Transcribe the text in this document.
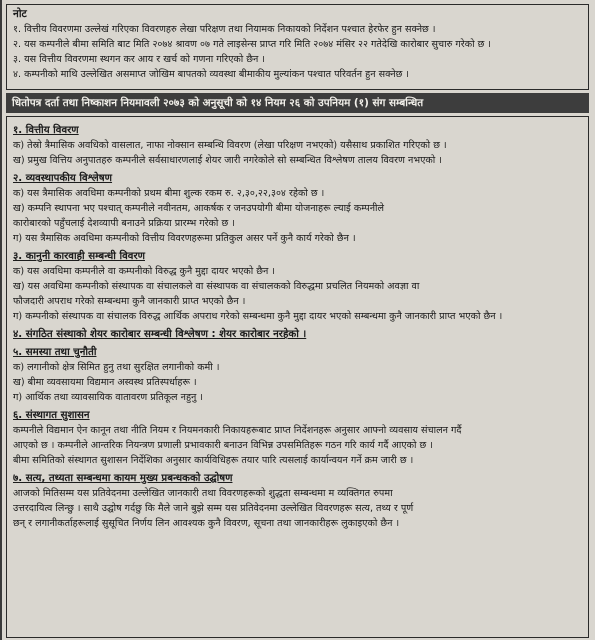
नोट
१. वित्तीय विवरणमा उल्लेखं गरिएका विवरणहरु लेखा परिक्षण तथा नियामक निकायको निर्देशन पश्चात हेरफेर हुन सक्नेछ ।
२. यस कम्पनीले बीमा समिति बाट मिति २०७४ श्रावण ०७ गते लाइसेन्स प्राप्त गरि मिति २०७४ मंसिर २२ गतेदेखि कारोबार सुचारु गरेको छ ।
३. यस वित्तीय विवरणमा स्थगन कर आय र खर्च को गणना गरिएको छैन ।
४. कम्पनीको माथि उल्लेखित असमाप्त जोखिम बापतको व्यवस्था बीमाकीय मुल्यांकन पश्चात परिवर्तन हुन सक्नेछ ।
धितोपत्र दर्ता तथा निष्काशन नियमावली २०७३ को अनुसूची को १४ नियम २६ को उपनियम (१) संग सम्बन्धित
१. वित्तीय विवरण
क) तेस्रो त्रैमासिक अवधिको वासलात, नाफा नोक्सान सम्बन्धि विवरण (लेखा परिक्षण नभएको) यसैसाथ प्रकाशित गरिएको छ ।
ख) प्रमुख वित्तिय अनुपातहरु कम्पनीले सर्वसाधारणलाई शेयर जारी नगरेकोले सो सम्बन्धित विश्लेषण तालय विवरण नभएको ।
२. व्यवस्थापकीय विश्लेषण
क) यस त्रैमासिक अवधिमा कम्पनीको प्रथम बीमा शुल्क रकम रु. २,३०,२२,३०४ रहेको छ ।
ख) कम्पनि स्थापना भए पश्चात् कम्पनीले नवीनतम, आकर्षक र जनउपयोगी बीमा योजनाहरू ल्याई कम्पनीले
कारोबारको पहुँचलाई देशव्यापी बनाउने प्रक्रिया प्रारम्भ गरेको छ ।
ग) यस त्रैमासिक अवधिमा कम्पनीको वित्तीय विवरणहरूमा प्रतिकुल असर पर्ने कुनै कार्य गरेको छैन ।
३. कानुनी कारवाही सम्बन्धी विवरण
क) यस अवधिमा कम्पनीले वा कम्पनीको विरुद्ध कुनै मुद्दा दायर भएको छैन ।
ख) यस अवधिमा कम्पनीको संस्थापक वा संचालकले वा संस्थापक वा संचालकको विरुद्धमा प्रचलित नियमको अवज्ञा वा
फौजदारी अपराध गरेको सम्बन्धमा कुनै जानकारी प्राप्त भएको छैन ।
ग) कम्पनीको संस्थापक वा संचालक विरुद्ध आर्थिक अपराध गरेको सम्बन्धमा कुनै मुद्दा दायर भएको सम्बन्धमा कुनै जानकारी प्राप्त भएको छैन ।
४. संगठित संस्थाको शेयर कारोबार सम्बन्धी विश्लेषण : शेयर कारोबार नरहेको ।
५. समस्या तथा चुनौती
क) लगानीको क्षेत्र सिमित हुनु तथा सुरक्षित लगानीको कमी ।
ख) बीमा व्यवसायमा विद्यमान अस्वस्थ प्रतिस्पर्धाहरू ।
ग) आर्थिक तथा व्यावसायिक वातावरण प्रतिकूल नहुनु ।
६. संस्थागत सुशासन
कम्पनीले विद्यमान ऐन कानून तथा नीति नियम र नियमनकारी निकायहरूबाट प्राप्त निर्देशनहरू अनुसार आफ्नो व्यवसाय संचालन गर्दै
आएको छ । कम्पनीले आन्तरिक नियन्त्रण प्रणाली प्रभावकारी बनाउन विभिन्न उपसमितिहरू गठन गरि कार्य गर्दै आएको छ ।
बीमा समितिको संस्थागत सुशासन निर्देशिका अनुसार कार्यविधिहरू तयार पारि त्यसलाई कार्यान्वयन गर्ने क्रम जारी छ ।
७. सत्य, तथ्यता सम्बन्धमा कायम मुख्य प्रबन्धकको उद्घोषण
आजको मितिसम्म यस प्रतिवेदनमा उल्लेखित जानकारी तथा विवरणहरूको शुद्धता सम्बन्धमा म व्यक्तिगत रुपमा
उत्तरदायित्व लिन्छु । साथै उद्घोष गर्दछु कि मैले जाने बुझे सम्म यस प्रतिवेदनमा उल्लेखित विवरणहरू सत्य, तथ्य र पूर्ण
छन् र लगानीकर्ताहरूलाई सुसूचित निर्णय लिन आवश्यक कुनै विवरण, सूचना तथा जानकारीहरू लुकाइएको छैन ।
